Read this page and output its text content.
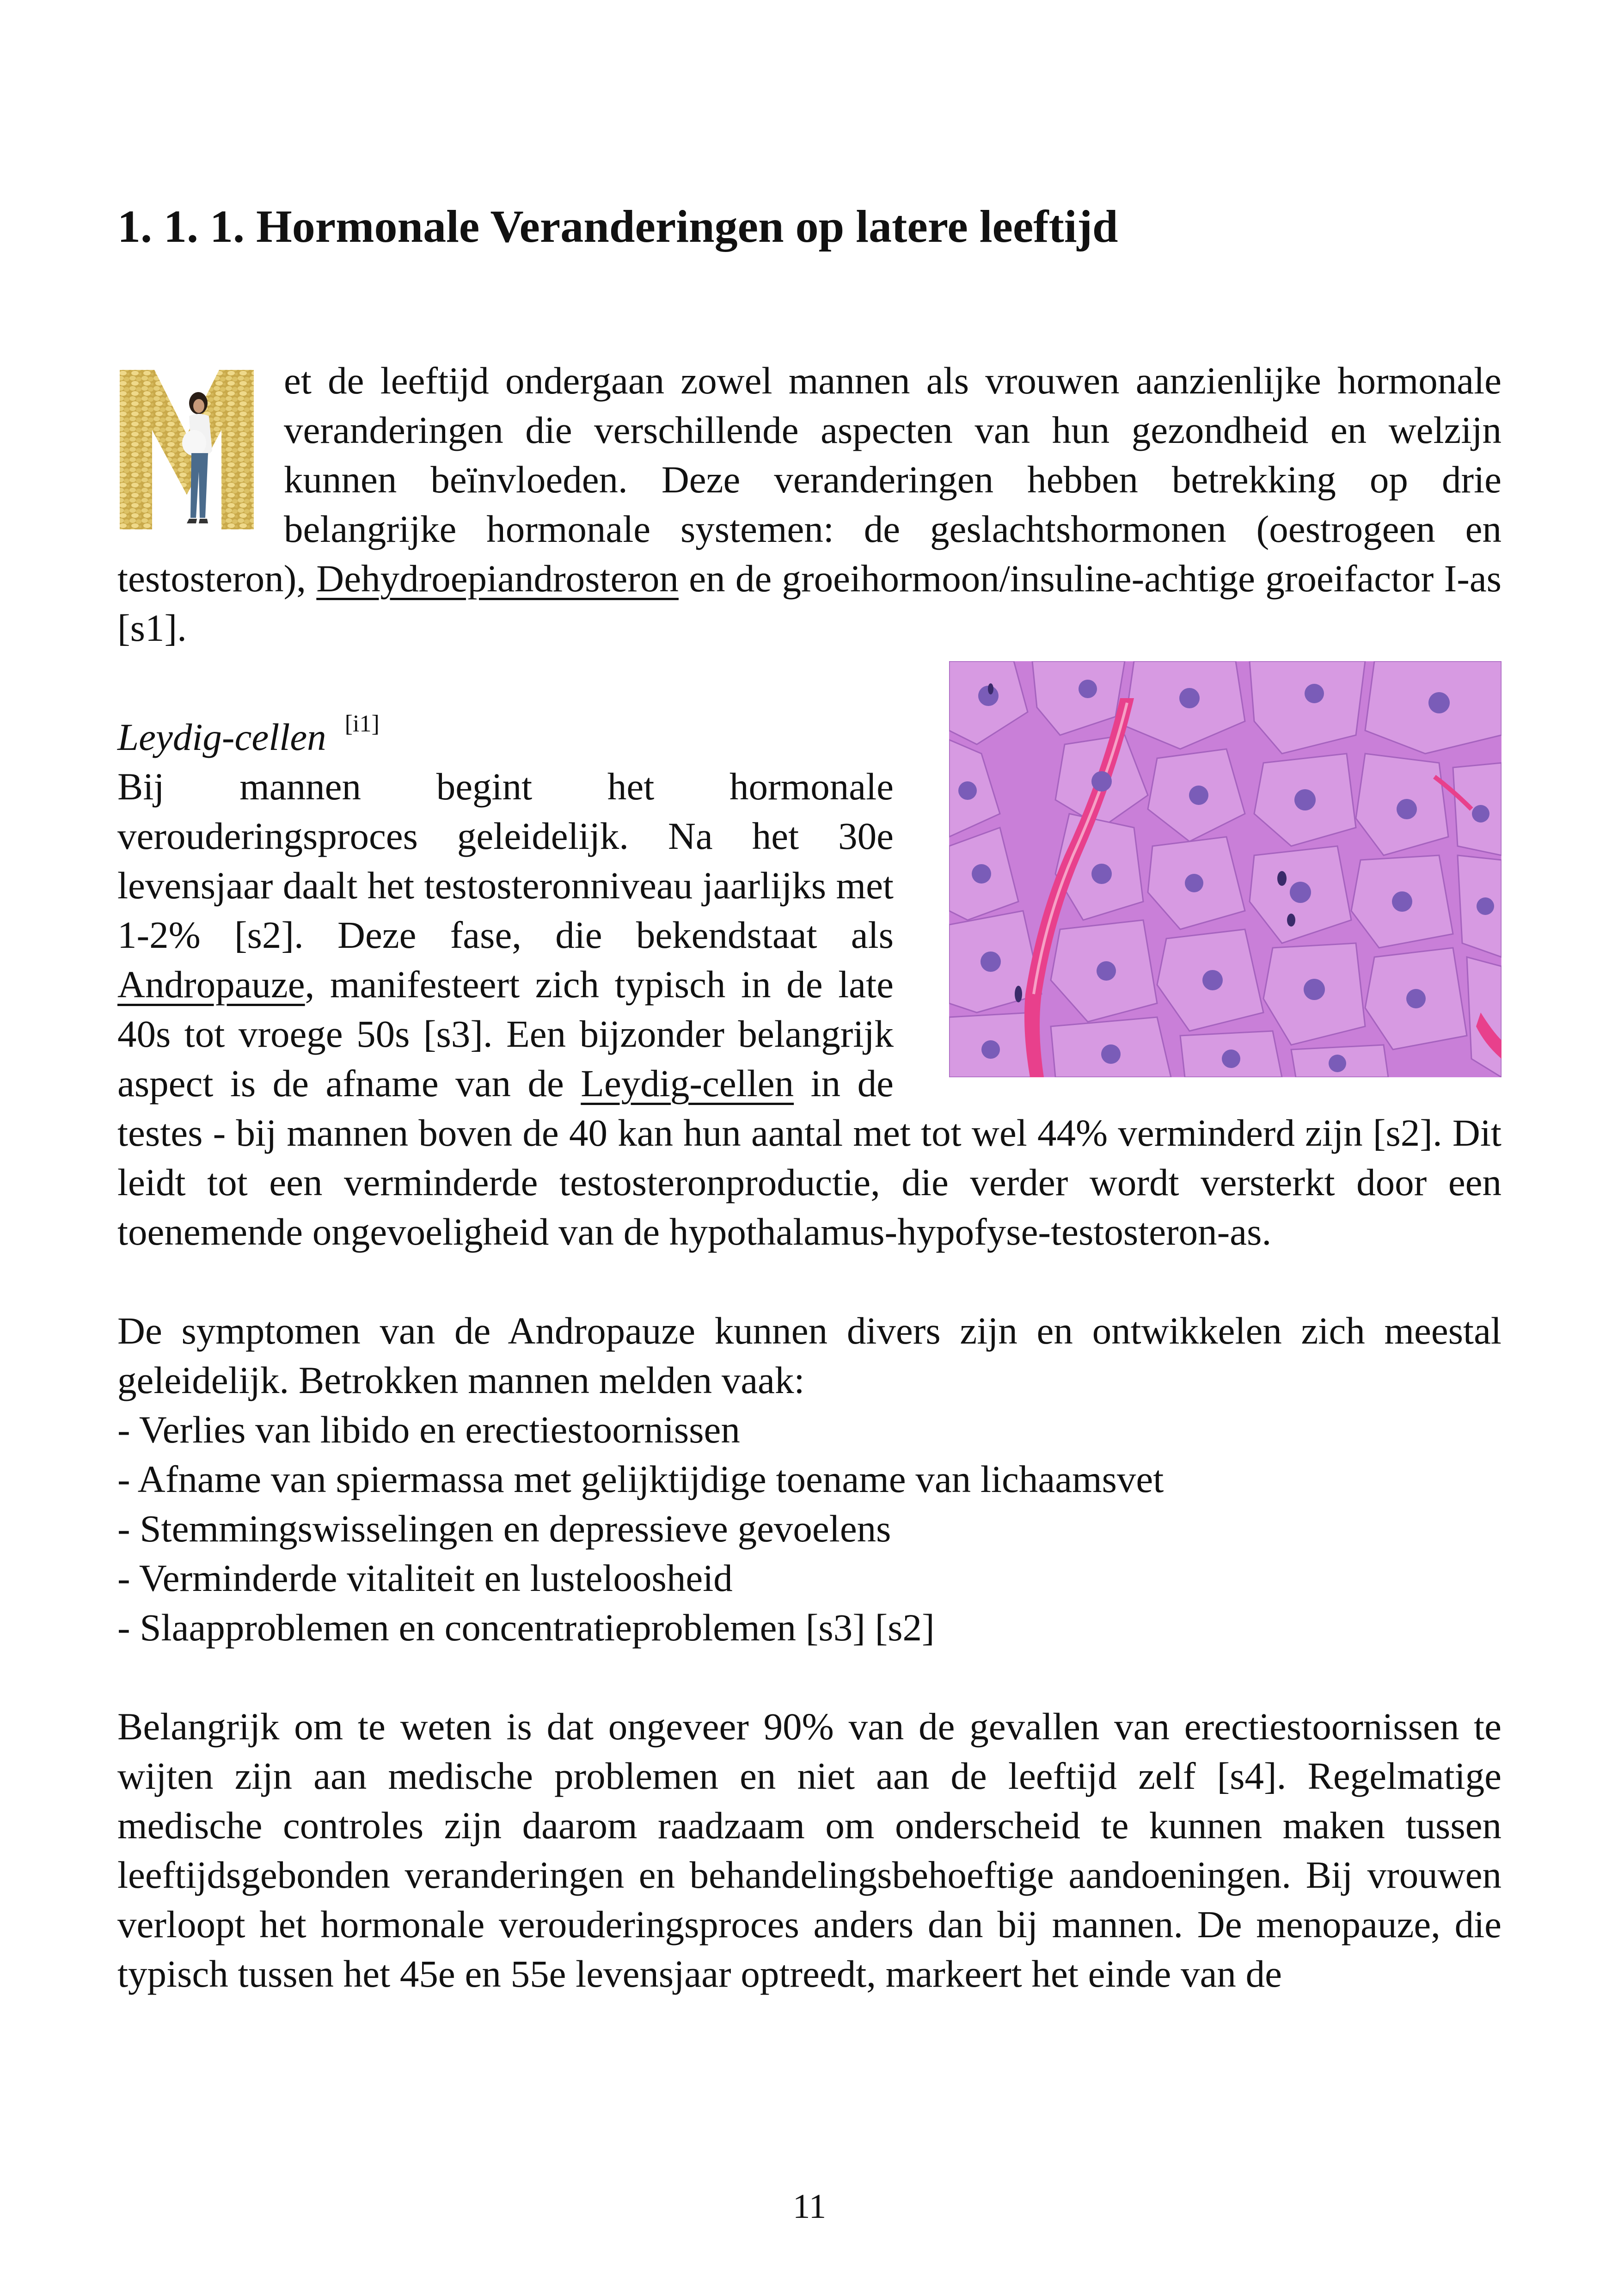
1. 1. 1. Hormonale Veranderingen op latere leeftijd

et de leeftijd ondergaan zowel mannen als vrouwen aanzienlijke hormonale veranderingen die verschillende aspecten van hun gezondheid en welzijn kunnen beïnvloeden. Deze veranderingen hebben betrekking op drie belangrijke hormonale systemen: de geslachtshormonen (oestrogeen en testosteron), Dehydroepiandrosteron en de groeihormoon/insuline-achtige groeifactor I-as [s1].

Leydig-cellen [i1]
Bij mannen begint het hormonale verouderingsproces geleidelijk. Na het 30e levensjaar daalt het testosteronniveau jaarlijks met 1-2% [s2]. Deze fase, die bekendstaat als Andropauze, manifesteert zich typisch in de late 40s tot vroege 50s [s3]. Een bijzonder belangrijk aspect is de afname van de Leydig-cellen in de testes - bij mannen boven de 40 kan hun aantal met tot wel 44% verminderd zijn [s2]. Dit leidt tot een verminderde testosteronproductie, die verder wordt versterkt door een toenemende ongevoeligheid van de hypothalamus-hypofyse-testosteron-as.

De symptomen van de Andropauze kunnen divers zijn en ontwikkelen zich meestal geleidelijk. Betrokken mannen melden vaak:

- Verlies van libido en erectiestoornissen
- Afname van spiermassa met gelijktijdige toename van lichaamsvet
- Stemmingswisselingen en depressieve gevoelens
- Verminderde vitaliteit en lusteloosheid
- Slaapproblemen en concentratieproblemen [s3] [s2]

Belangrijk om te weten is dat ongeveer 90% van de gevallen van erectiestoornissen te wijten zijn aan medische problemen en niet aan de leeftijd zelf [s4]. Regelmatige medische controles zijn daarom raadzaam om onderscheid te kunnen maken tussen leeftijdsgebonden veranderingen en behandelingsbehoeftige aandoeningen. Bij vrouwen verloopt het hormonale verouderingsproces anders dan bij mannen. De menopauze, die typisch tussen het 45e en 55e levensjaar optreedt, markeert het einde van de

11
